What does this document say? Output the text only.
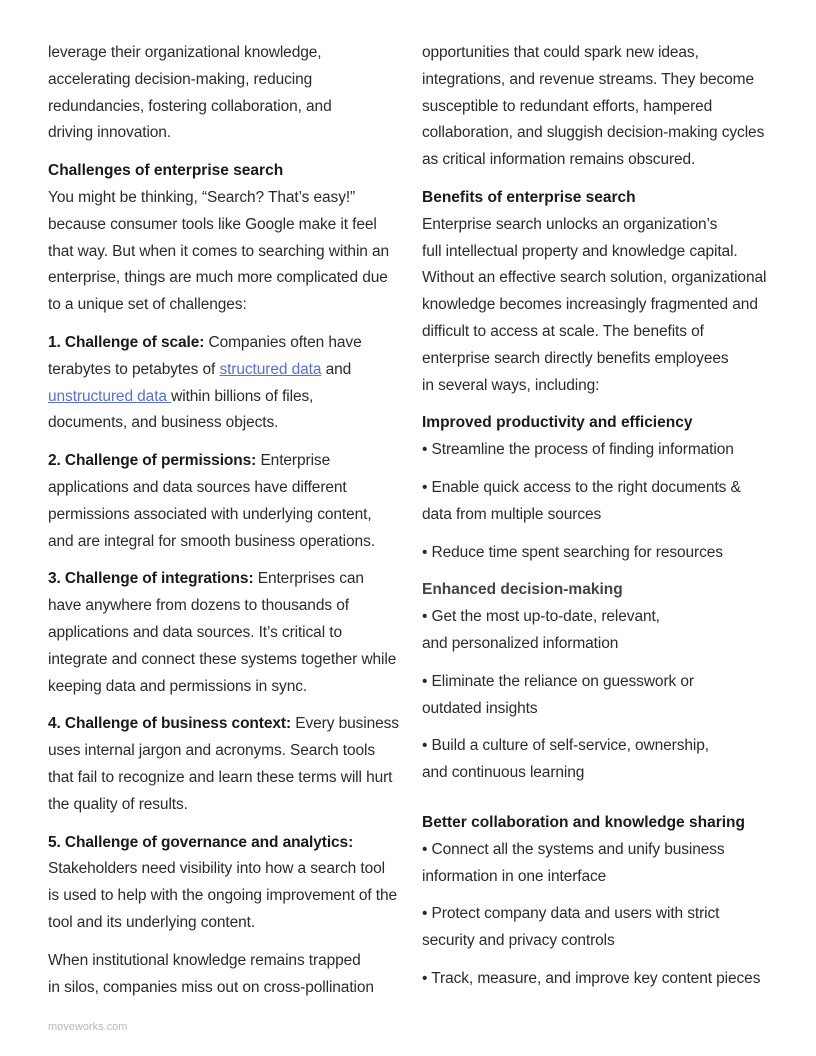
leverage their organizational knowledge,
accelerating decision-making, reducing
redundancies, fostering collaboration, and
driving innovation.
Challenges of enterprise search
You might be thinking, “Search? That’s easy!”
because consumer tools like Google make it feel
that way. But when it comes to searching within an
enterprise, things are much more complicated due
to a unique set of challenges:

1. Challenge of scale: Companies often have
terabytes to petabytes of structured data and
unstructured data within billions of files,
documents, and business objects.

2. Challenge of permissions: Enterprise applications and data sources have different permissions associated with underlying content, and are integral for smooth business operations.

3. Challenge of integrations: Enterprises can have anywhere from dozens to thousands of applications and data sources. It’s critical to integrate and connect these systems together while keeping data and permissions in sync.

4. Challenge of business context: Every business uses internal jargon and acronyms. Search tools that fail to recognize and learn these terms will hurt the quality of results.

5. Challenge of governance and analytics: Stakeholders need visibility into how a search tool is used to help with the ongoing improvement of the tool and its underlying content.

When institutional knowledge remains trapped
in silos, companies miss out on cross-pollination
opportunities that could spark new ideas,
integrations, and revenue streams. They become
susceptible to redundant efforts, hampered
collaboration, and sluggish decision-making cycles
as critical information remains obscured.
Benefits of enterprise search
Enterprise search unlocks an organization’s
full intellectual property and knowledge capital.
Without an effective search solution, organizational
knowledge becomes increasingly fragmented and
difficult to access at scale. The benefits of
enterprise search directly benefits employees
in several ways, including:
Improved productivity and efficiency
• Streamline the process of finding information
• Enable quick access to the right documents &
data from multiple sources
• Reduce time spent searching for resources
Enhanced decision-making
• Get the most up-to-date, relevant,
and personalized information
• Eliminate the reliance on guesswork or
outdated insights
• Build a culture of self-service, ownership,
and continuous learning
Better collaboration and knowledge sharing
• Connect all the systems and unify business
information in one interface
• Protect company data and users with strict
security and privacy controls
• Track, measure, and improve key content pieces
moveworks.com
